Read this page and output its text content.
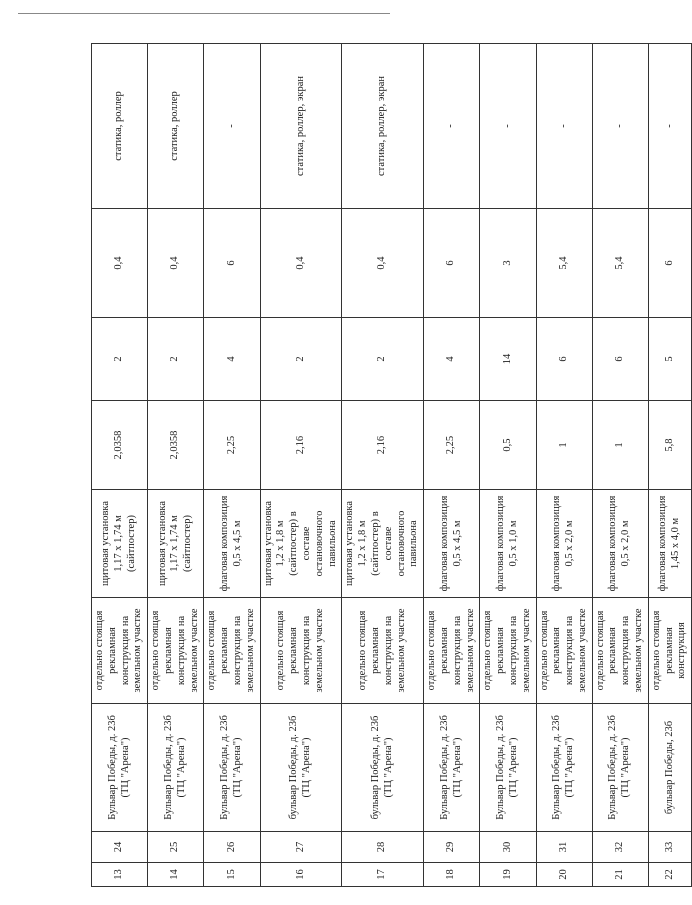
13	24	Бульвар Победы, д. 23б (ТЦ "Арена")	отдельно стоящая рекламная конструкция на земельном участке	щитовая установка 1,17 x 1,74 м (сайтпостер)	2,0358	2	0,4	статика, роллер
14	25	Бульвар Победы, д. 23б (ТЦ "Арена")	отдельно стоящая рекламная конструкция на земельном участке	щитовая установка 1,17 x 1,74 м (сайтпостер)	2,0358	2	0,4	статика, роллер
15	26	Бульвар Победы, д. 23б (ТЦ "Арена")	отдельно стоящая рекламная конструкция на земельном участке	флаговая композиция 0,5 x 4,5 м	2,25	4	6	-
16	27	бульвар Победы, д. 23б (ТЦ "Арена")	отдельно стоящая рекламная конструкция на земельном участке	щитовая установка 1,2 x 1,8 м (сайтпостер) в составе остановочного павильона	2,16	2	0,4	статика, роллер, экран
17	28	бульвар Победы, д. 23б (ТЦ "Арена")	отдельно стоящая рекламная конструкция на земельном участке	щитовая установка 1,2 x 1,8 м (сайтпостер) в составе остановочного павильона	2,16	2	0,4	статика, роллер, экран
18	29	Бульвар Победы, д. 23б (ТЦ "Арена")	отдельно стоящая рекламная конструкция на земельном участке	флаговая композиция 0,5 x 4,5 м	2,25	4	6	-
19	30	Бульвар Победы, д. 23б (ТЦ "Арена")	отдельно стоящая рекламная конструкция на земельном участке	флаговая композиция 0,5 x 1,0 м	0,5	14	3	-
20	31	Бульвар Победы, д. 23б (ТЦ "Арена")	отдельно стоящая рекламная конструкция на земельном участке	флаговая композиция 0,5 x 2,0 м	1	6	5,4	-
21	32	Бульвар Победы, д. 23б (ТЦ "Арена")	отдельно стоящая рекламная конструкция на земельном участке	флаговая композиция 0,5 x 2,0 м	1	6	5,4	-
22	33	бульвар Победы, 23б	отдельно стоящая рекламная конструкция	флаговая композиция 1,45 x 4,0 м	5,8	5	6	-
